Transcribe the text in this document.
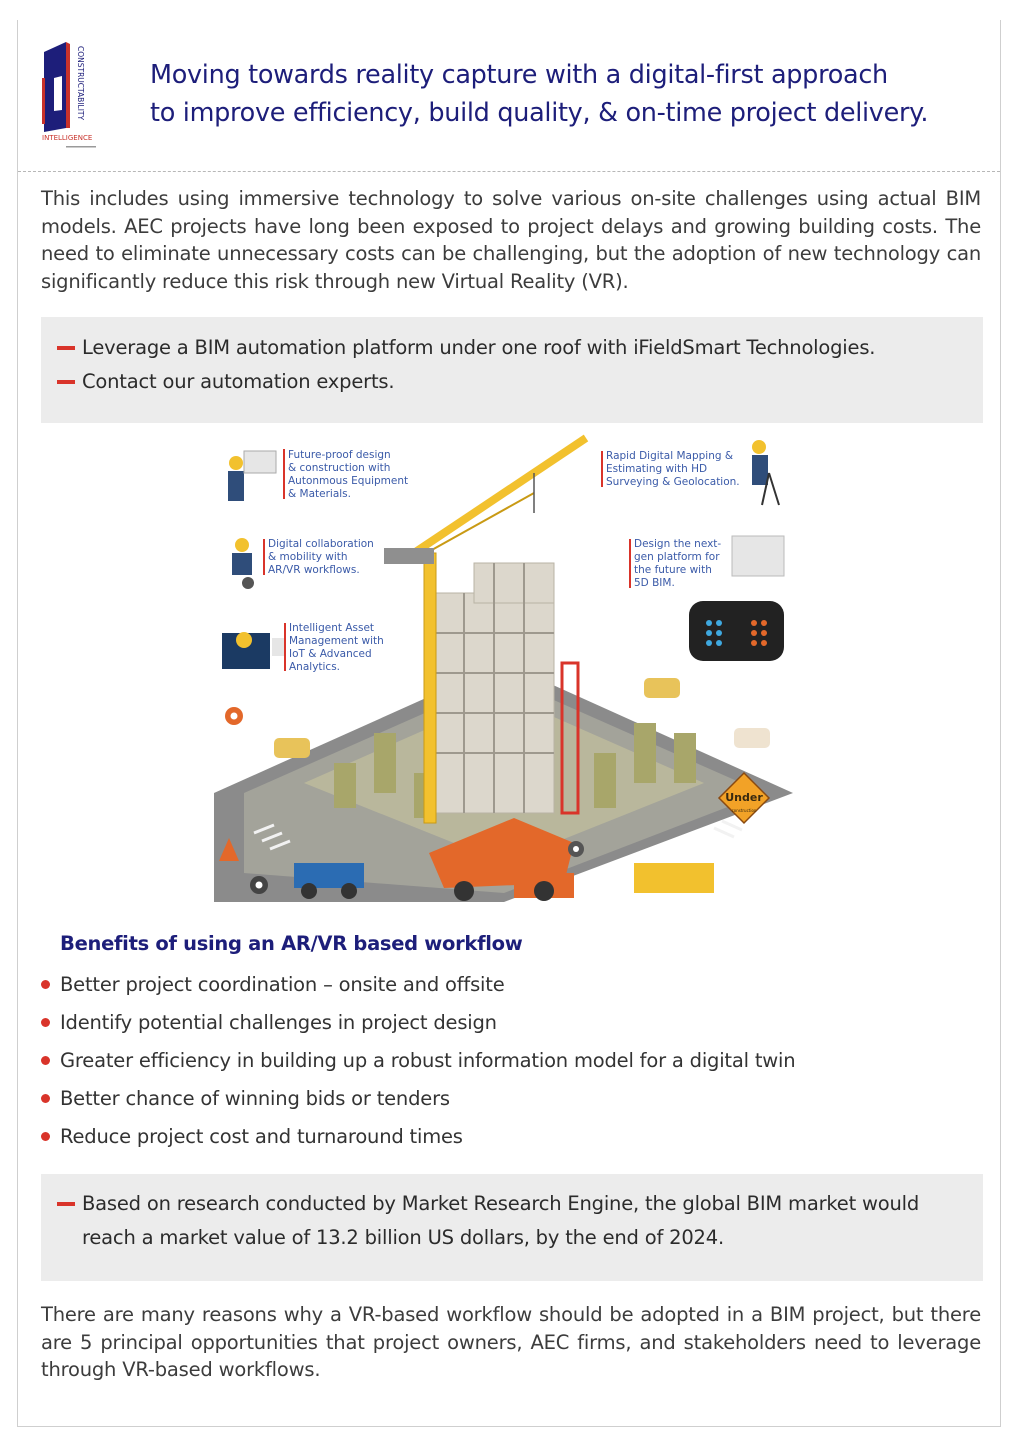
CONSTRUCTABILITY
INTELLIGENCE
Moving towards reality capture with a digital-first approach
to improve efficiency, build quality, & on-time project delivery.
This includes using immersive technology to solve various on-site challenges using actual BIM models. AEC projects have long been exposed to project delays and growing building costs. The need to eliminate unnecessary costs can be challenging, but the adoption of new technology can significantly reduce this risk through new Virtual Reality (VR).
Leverage a BIM automation platform under one roof with iFieldSmart Technologies.
Contact our automation experts.
Under
construction
Future-proof design
& construction with
Autonmous Equipment
& Materials.
Rapid Digital Mapping &
Estimating with HD
Surveying & Geolocation.
Digital collaboration
& mobility with
AR/VR workflows.
Design the next-
gen platform for
the future with
5D BIM.
Intelligent Asset
Management with
IoT & Advanced
Analytics.
Benefits of using an AR/VR based workflow
Better project coordination – onsite and offsite
Identify potential challenges in project design
Greater efficiency in building up a robust information model for a digital twin
Better chance of winning bids or tenders
Reduce project cost and turnaround times
Based on research conducted by Market Research Engine, the global BIM market would reach a market value of 13.2 billion US dollars, by the end of 2024.
There are many reasons why a VR-based workflow should be adopted in a BIM project, but there are 5 principal opportunities that project owners, AEC firms, and stakeholders need to leverage through VR-based workflows.
